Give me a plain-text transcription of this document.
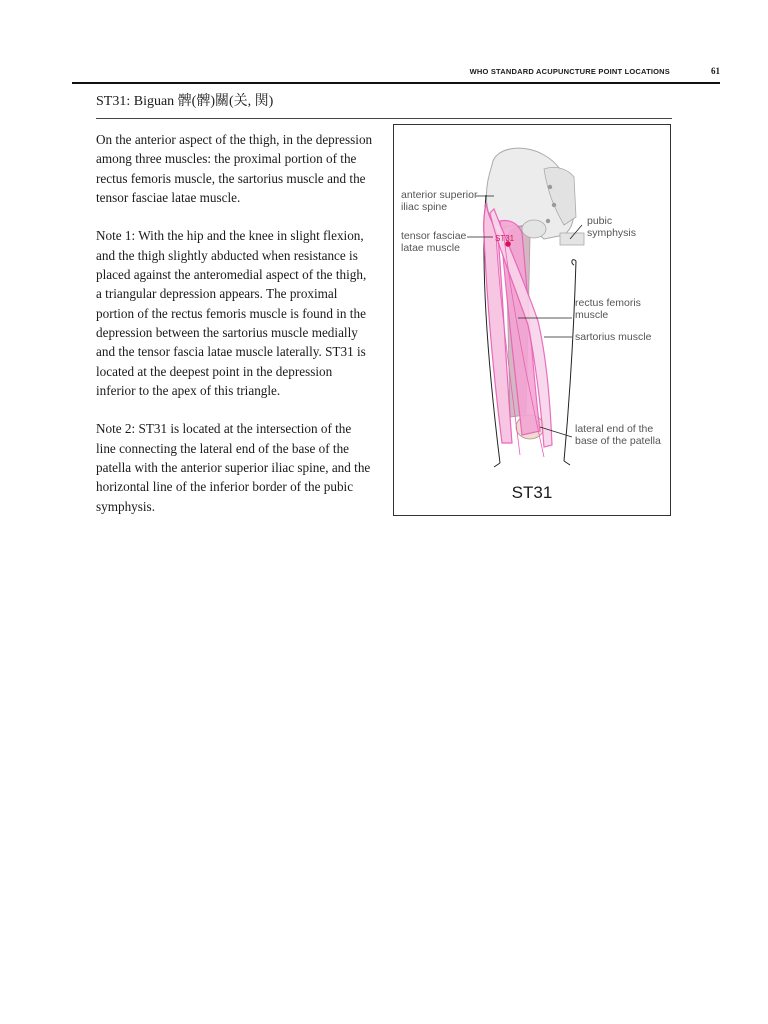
WHO STANDARD ACUPUNCTURE POINT LOCATIONS	61
ST31: Biguan 髀(髀)關(关, 関)

On the anterior aspect of the thigh, in the depression among three muscles: the proximal portion of the rectus femoris muscle, the sartorius muscle and the tensor fasciae latae muscle.

Note 1: With the hip and the knee in slight flexion, and the thigh slightly abducted when resistance is placed against the anteromedial aspect of the thigh, a triangular depression appears. The proximal portion of the rectus femoris muscle is found in the depression between the sartorius muscle medially and the tensor fascia latae muscle laterally. ST31 is located at the deepest point in the depression inferior to the apex of this triangle.

Note 2: ST31 is located at the intersection of the line connecting the lateral end of the base of the patella with the anterior superior iliac spine, and the horizontal line of the inferior border of the pubic symphysis.

ST31
anterior superior
iliac spine
tensor fasciae
latae muscle
pubic
symphysis
rectus femoris
muscle
sartorius muscle
lateral end of the
base of the patella
ST31
